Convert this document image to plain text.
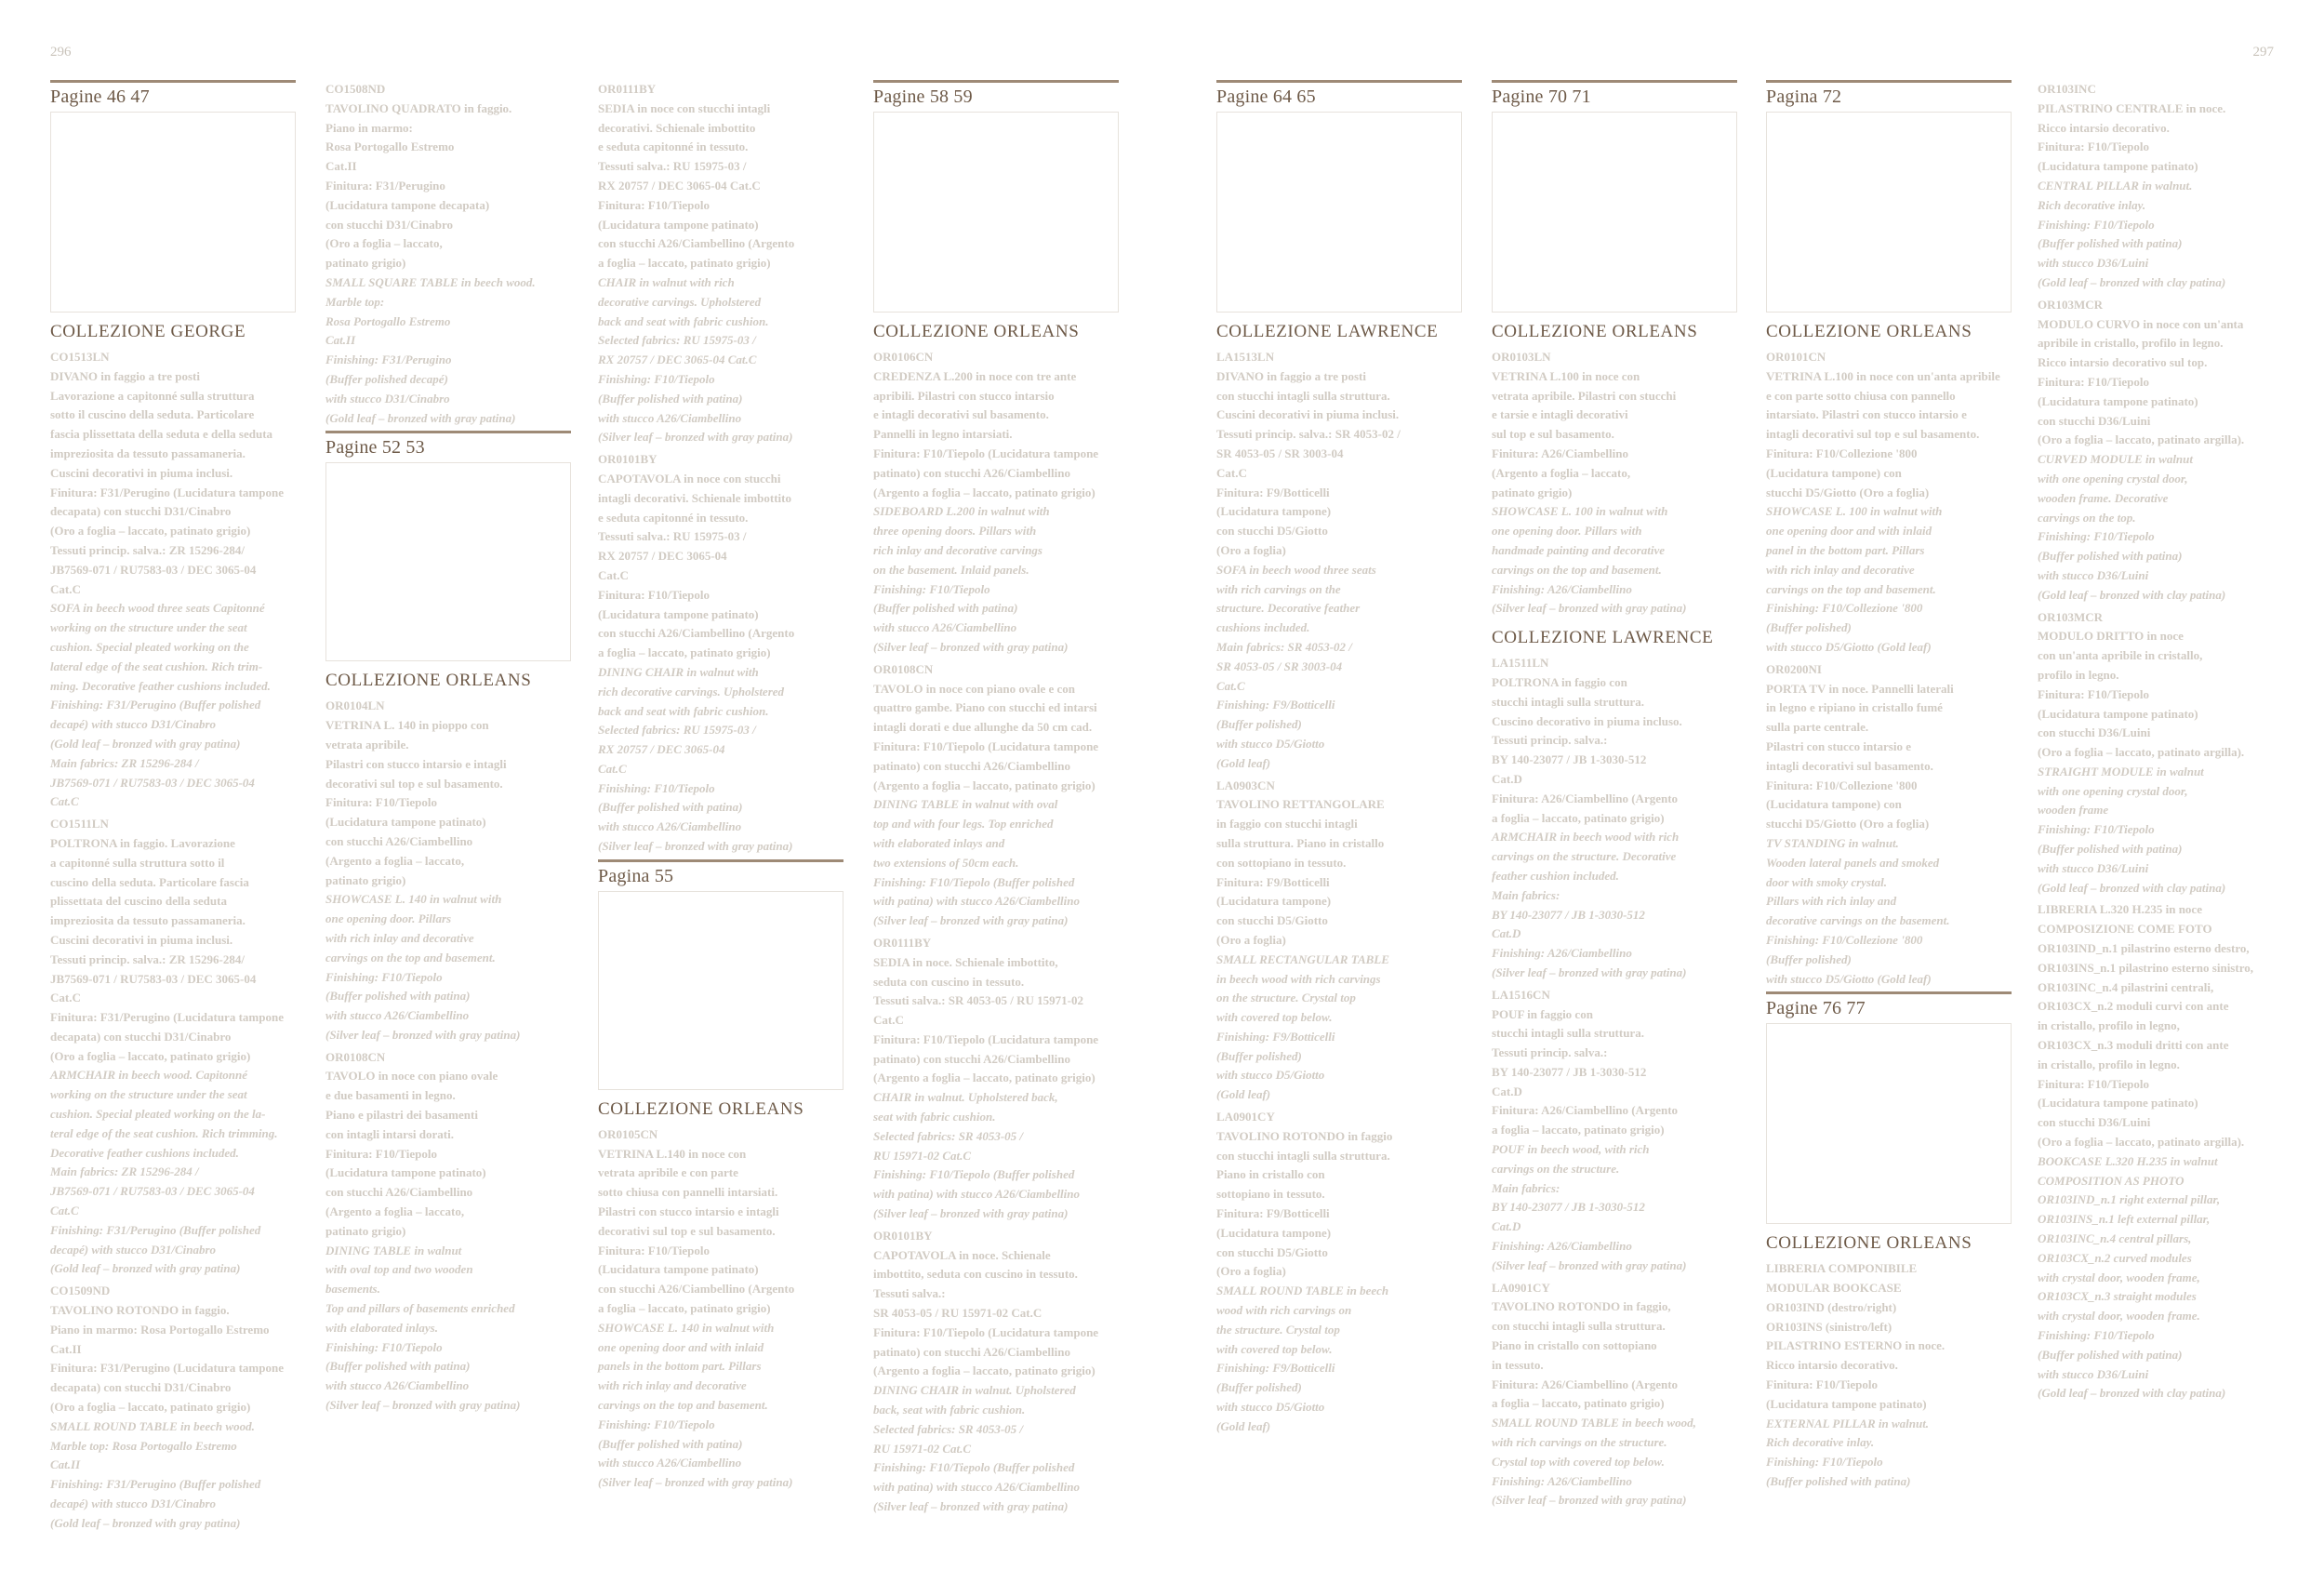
296	297
Pagine 46 47
COLLEZIONE GEORGE
CO1513LN
DIVANO in faggio a tre posti
Lavorazione a capitonné sulla struttura
sotto il cuscino della seduta. Particolare
fascia plissettata della seduta e della seduta
impreziosita da tessuto passamaneria.
Cuscini decorativi in piuma inclusi.
Finitura: F31/Perugino (Lucidatura tampone
decapata) con stucchi D31/Cinabro
(Oro a foglia – laccato, patinato grigio)
Tessuti princip. salva.: ZR 15296-284/
JB7569-071 / RU7583-03 / DEC 3065-04
Cat.C
SOFA in beech wood three seats Capitonné
working on the structure under the seat
cushion. Special pleated working on the
lateral edge of the seat cushion. Rich trim-
ming. Decorative feather cushions included.
Finishing: F31/Perugino (Buffer polished
decapé) with stucco D31/Cinabro
(Gold leaf – bronzed with gray patina)
Main fabrics: ZR 15296-284 /
JB7569-071 / RU7583-03 / DEC 3065-04
Cat.C
CO1511LN
POLTRONA in faggio. Lavorazione
a capitonné sulla struttura sotto il
cuscino della seduta. Particolare fascia
plissettata del cuscino della seduta
impreziosita da tessuto passamaneria.
Cuscini decorativi in piuma inclusi.
Tessuti princip. salva.: ZR 15296-284/
JB7569-071 / RU7583-03 / DEC 3065-04
Cat.C
Finitura: F31/Perugino (Lucidatura tampone
decapata) con stucchi D31/Cinabro
(Oro a foglia – laccato, patinato grigio)
ARMCHAIR in beech wood. Capitonné
working on the structure under the seat
cushion. Special pleated working on the la-
teral edge of the seat cushion. Rich trimming.
Decorative feather cushions included.
Main fabrics: ZR 15296-284 /
JB7569-071 / RU7583-03 / DEC 3065-04
Cat.C
Finishing: F31/Perugino (Buffer polished
decapé) with stucco D31/Cinabro
(Gold leaf – bronzed with gray patina)
CO1509ND
TAVOLINO ROTONDO in faggio.
Piano in marmo: Rosa Portogallo Estremo
Cat.II
Finitura: F31/Perugino (Lucidatura tampone
decapata) con stucchi D31/Cinabro
(Oro a foglia – laccato, patinato grigio)
SMALL ROUND TABLE in beech wood.
Marble top: Rosa Portogallo Estremo
Cat.II
Finishing: F31/Perugino (Buffer polished
decapé) with stucco D31/Cinabro
(Gold leaf – bronzed with gray patina)
CO1508ND
TAVOLINO QUADRATO in faggio.
Piano in marmo:
Rosa Portogallo Estremo
Cat.II
Finitura: F31/Perugino
(Lucidatura tampone decapata)
con stucchi D31/Cinabro
(Oro a foglia – laccato,
patinato grigio)
SMALL SQUARE TABLE in beech wood.
Marble top:
Rosa Portogallo Estremo
Cat.II
Finishing: F31/Perugino
(Buffer polished decapé)
with stucco D31/Cinabro
(Gold leaf – bronzed with gray patina)
Pagine 52 53
COLLEZIONE ORLEANS
OR0104LN
VETRINA L. 140 in pioppo con
vetrata apribile.
Pilastri con stucco intarsio e intagli
decorativi sul top e sul basamento.
Finitura: F10/Tiepolo
(Lucidatura tampone patinato)
con stucchi A26/Ciambellino
(Argento a foglia – laccato,
patinato grigio)
SHOWCASE L. 140 in walnut with
one opening door. Pillars
with rich inlay and decorative
carvings on the top and basement.
Finishing: F10/Tiepolo
(Buffer polished with patina)
with stucco A26/Ciambellino
(Silver leaf – bronzed with gray patina)
OR0108CN
TAVOLO in noce con piano ovale
e due basamenti in legno.
Piano e pilastri dei basamenti
con intagli intarsi dorati.
Finitura: F10/Tiepolo
(Lucidatura tampone patinato)
con stucchi A26/Ciambellino
(Argento a foglia – laccato,
patinato grigio)
DINING TABLE in walnut
with oval top and two wooden
basements.
Top and pillars of basements enriched
with elaborated inlays.
Finishing: F10/Tiepolo
(Buffer polished with patina)
with stucco A26/Ciambellino
(Silver leaf – bronzed with gray patina)
OR0111BY
SEDIA in noce con stucchi intagli
decorativi. Schienale imbottito
e seduta capitonné in tessuto.
Tessuti salva.: RU 15975-03 /
RX 20757 / DEC 3065-04 Cat.C
Finitura: F10/Tiepolo
(Lucidatura tampone patinato)
con stucchi A26/Ciambellino (Argento
a foglia – laccato, patinato grigio)
CHAIR in walnut with rich
decorative carvings. Upholstered
back and seat with fabric cushion.
Selected fabrics: RU 15975-03 /
RX 20757 / DEC 3065-04 Cat.C
Finishing: F10/Tiepolo
(Buffer polished with patina)
with stucco A26/Ciambellino
(Silver leaf – bronzed with gray patina)
OR0101BY
CAPOTAVOLA in noce con stucchi
intagli decorativi. Schienale imbottito
e seduta capitonné in tessuto.
Tessuti salva.: RU 15975-03 /
RX 20757 / DEC 3065-04
Cat.C
Finitura: F10/Tiepolo
(Lucidatura tampone patinato)
con stucchi A26/Ciambellino (Argento
a foglia – laccato, patinato grigio)
DINING CHAIR in walnut with
rich decorative carvings. Upholstered
back and seat with fabric cushion.
Selected fabrics: RU 15975-03 /
RX 20757 / DEC 3065-04
Cat.C
Finishing: F10/Tiepolo
(Buffer polished with patina)
with stucco A26/Ciambellino
(Silver leaf – bronzed with gray patina)
Pagina 55
COLLEZIONE ORLEANS
OR0105CN
VETRINA L.140 in noce con
vetrata apribile e con parte
sotto chiusa con pannelli intarsiati.
Pilastri con stucco intarsio e intagli
decorativi sul top e sul basamento.
Finitura: F10/Tiepolo
(Lucidatura tampone patinato)
con stucchi A26/Ciambellino (Argento
a foglia – laccato, patinato grigio)
SHOWCASE L. 140 in walnut with
one opening door and with inlaid
panels in the bottom part. Pillars
with rich inlay and decorative
carvings on the top and basement.
Finishing: F10/Tiepolo
(Buffer polished with patina)
with stucco A26/Ciambellino
(Silver leaf – bronzed with gray patina)
Pagine 58 59
COLLEZIONE ORLEANS
OR0106CN
CREDENZA L.200 in noce con tre ante
apribili. Pilastri con stucco intarsio
e intagli decorativi sul basamento.
Pannelli in legno intarsiati.
Finitura: F10/Tiepolo (Lucidatura tampone
patinato) con stucchi A26/Ciambellino
(Argento a foglia – laccato, patinato grigio)
SIDEBOARD L.200 in walnut with
three opening doors. Pillars with
rich inlay and decorative carvings
on the basement. Inlaid panels.
Finishing: F10/Tiepolo
(Buffer polished with patina)
with stucco A26/Ciambellino
(Silver leaf – bronzed with gray patina)
OR0108CN
TAVOLO in noce con piano ovale e con
quattro gambe. Piano con stucchi ed intarsi
intagli dorati e due allunghe da 50 cm cad.
Finitura: F10/Tiepolo (Lucidatura tampone
patinato) con stucchi A26/Ciambellino
(Argento a foglia – laccato, patinato grigio)
DINING TABLE in walnut with oval
top and with four legs. Top enriched
with elaborated inlays and
two extensions of 50cm each.
Finishing: F10/Tiepolo (Buffer polished
with patina) with stucco A26/Ciambellino
(Silver leaf – bronzed with gray patina)
OR0111BY
SEDIA in noce. Schienale imbottito,
seduta con cuscino in tessuto.
Tessuti salva.: SR 4053-05 / RU 15971-02
Cat.C
Finitura: F10/Tiepolo (Lucidatura tampone
patinato) con stucchi A26/Ciambellino
(Argento a foglia – laccato, patinato grigio)
CHAIR in walnut. Upholstered back,
seat with fabric cushion.
Selected fabrics: SR 4053-05 /
RU 15971-02 Cat.C
Finishing: F10/Tiepolo (Buffer polished
with patina) with stucco A26/Ciambellino
(Silver leaf – bronzed with gray patina)
OR0101BY
CAPOTAVOLA in noce. Schienale
imbottito, seduta con cuscino in tessuto.
Tessuti salva.:
SR 4053-05 / RU 15971-02 Cat.C
Finitura: F10/Tiepolo (Lucidatura tampone
patinato) con stucchi A26/Ciambellino
(Argento a foglia – laccato, patinato grigio)
DINING CHAIR in walnut. Upholstered
back, seat with fabric cushion.
Selected fabrics: SR 4053-05 /
RU 15971-02 Cat.C
Finishing: F10/Tiepolo (Buffer polished
with patina) with stucco A26/Ciambellino
(Silver leaf – bronzed with gray patina)
Pagine 64 65
COLLEZIONE LAWRENCE
LA1513LN
DIVANO in faggio a tre posti
con stucchi intagli sulla struttura.
Cuscini decorativi in piuma inclusi.
Tessuti princip. salva.: SR 4053-02 /
SR 4053-05 / SR 3003-04
Cat.C
Finitura: F9/Botticelli
(Lucidatura tampone)
con stucchi D5/Giotto
(Oro a foglia)
SOFA in beech wood three seats
with rich carvings on the
structure. Decorative feather
cushions included.
Main fabrics: SR 4053-02 /
SR 4053-05 / SR 3003-04
Cat.C
Finishing: F9/Botticelli
(Buffer polished)
with stucco D5/Giotto
(Gold leaf)
LA0903CN
TAVOLINO RETTANGOLARE
in faggio con stucchi intagli
sulla struttura. Piano in cristallo
con sottopiano in tessuto.
Finitura: F9/Botticelli
(Lucidatura tampone)
con stucchi D5/Giotto
(Oro a foglia)
SMALL RECTANGULAR TABLE
in beech wood with rich carvings
on the structure. Crystal top
with covered top below.
Finishing: F9/Botticelli
(Buffer polished)
with stucco D5/Giotto
(Gold leaf)
LA0901CY
TAVOLINO ROTONDO in faggio
con stucchi intagli sulla struttura.
Piano in cristallo con
sottopiano in tessuto.
Finitura: F9/Botticelli
(Lucidatura tampone)
con stucchi D5/Giotto
(Oro a foglia)
SMALL ROUND TABLE in beech
wood with rich carvings on
the structure. Crystal top
with covered top below.
Finishing: F9/Botticelli
(Buffer polished)
with stucco D5/Giotto
(Gold leaf)
Pagine 70 71
COLLEZIONE ORLEANS
OR0103LN
VETRINA L.100 in noce con
vetrata apribile. Pilastri con stucchi
e tarsie e intagli decorativi
sul top e sul basamento.
Finitura: A26/Ciambellino
(Argento a foglia – laccato,
patinato grigio)
SHOWCASE L. 100 in walnut with
one opening door. Pillars with
handmade painting and decorative
carvings on the top and basement.
Finishing: A26/Ciambellino
(Silver leaf – bronzed with gray patina)
COLLEZIONE LAWRENCE
LA1511LN
POLTRONA in faggio con
stucchi intagli sulla struttura.
Cuscino decorativo in piuma incluso.
Tessuti princip. salva.:
BY 140-23077 / JB 1-3030-512
Cat.D
Finitura: A26/Ciambellino (Argento
a foglia – laccato, patinato grigio)
ARMCHAIR in beech wood with rich
carvings on the structure. Decorative
feather cushion included.
Main fabrics:
BY 140-23077 / JB 1-3030-512
Cat.D
Finishing: A26/Ciambellino
(Silver leaf – bronzed with gray patina)
LA1516CN
POUF in faggio con
stucchi intagli sulla struttura.
Tessuti princip. salva.:
BY 140-23077 / JB 1-3030-512
Cat.D
Finitura: A26/Ciambellino (Argento
a foglia – laccato, patinato grigio)
POUF in beech wood, with rich
carvings on the structure.
Main fabrics:
BY 140-23077 / JB 1-3030-512
Cat.D
Finishing: A26/Ciambellino
(Silver leaf – bronzed with gray patina)
LA0901CY
TAVOLINO ROTONDO in faggio,
con stucchi intagli sulla struttura.
Piano in cristallo con sottopiano
in tessuto.
Finitura: A26/Ciambellino (Argento
a foglia – laccato, patinato grigio)
SMALL ROUND TABLE in beech wood,
with rich carvings on the structure.
Crystal top with covered top below.
Finishing: A26/Ciambellino
(Silver leaf – bronzed with gray patina)
Pagina 72
COLLEZIONE ORLEANS
OR0101CN
VETRINA L.100 in noce con un'anta apribile
e con parte sotto chiusa con pannello
intarsiato. Pilastri con stucco intarsio e
intagli decorativi sul top e sul basamento.
Finitura: F10/Collezione '800
(Lucidatura tampone) con
stucchi D5/Giotto (Oro a foglia)
SHOWCASE L. 100 in walnut with
one opening door and with inlaid
panel in the bottom part. Pillars
with rich inlay and decorative
carvings on the top and basement.
Finishing: F10/Collezione '800
(Buffer polished)
with stucco D5/Giotto (Gold leaf)
OR0200NI
PORTA TV in noce. Pannelli laterali
in legno e ripiano in cristallo fumé
sulla parte centrale.
Pilastri con stucco intarsio e
intagli decorativi sul basamento.
Finitura: F10/Collezione '800
(Lucidatura tampone) con
stucchi D5/Giotto (Oro a foglia)
TV STANDING in walnut.
Wooden lateral panels and smoked
door with smoky crystal.
Pillars with rich inlay and
decorative carvings on the basement.
Finishing: F10/Collezione '800
(Buffer polished)
with stucco D5/Giotto (Gold leaf)
Pagine 76 77
COLLEZIONE ORLEANS
LIBRERIA COMPONIBILE
MODULAR BOOKCASE
OR103IND (destro/right)
OR103INS (sinistro/left)
PILASTRINO ESTERNO in noce.
Ricco intarsio decorativo.
Finitura: F10/Tiepolo
(Lucidatura tampone patinato)
EXTERNAL PILLAR in walnut.
Rich decorative inlay.
Finishing: F10/Tiepolo
(Buffer polished with patina)
OR103INC
PILASTRINO CENTRALE in noce.
Ricco intarsio decorativo.
Finitura: F10/Tiepolo
(Lucidatura tampone patinato)
CENTRAL PILLAR in walnut.
Rich decorative inlay.
Finishing: F10/Tiepolo
(Buffer polished with patina)
with stucco D36/Luini
(Gold leaf – bronzed with clay patina)
OR103MCR
MODULO CURVO in noce con un'anta
apribile in cristallo, profilo in legno.
Ricco intarsio decorativo sul top.
Finitura: F10/Tiepolo
(Lucidatura tampone patinato)
con stucchi D36/Luini
(Oro a foglia – laccato, patinato argilla).
CURVED MODULE in walnut
with one opening crystal door,
wooden frame. Decorative
carvings on the top.
Finishing: F10/Tiepolo
(Buffer polished with patina)
with stucco D36/Luini
(Gold leaf – bronzed with clay patina)
OR103MCR
MODULO DRITTO in noce
con un'anta apribile in cristallo,
profilo in legno.
Finitura: F10/Tiepolo
(Lucidatura tampone patinato)
con stucchi D36/Luini
(Oro a foglia – laccato, patinato argilla).
STRAIGHT MODULE in walnut
with one opening crystal door,
wooden frame
Finishing: F10/Tiepolo
(Buffer polished with patina)
with stucco D36/Luini
(Gold leaf – bronzed with clay patina)
LIBRERIA L.320 H.235 in noce
COMPOSIZIONE COME FOTO
OR103IND_n.1 pilastrino esterno destro,
OR103INS_n.1 pilastrino esterno sinistro,
OR103INC_n.4 pilastrini centrali,
OR103CX_n.2 moduli curvi con ante
in cristallo, profilo in legno,
OR103CX_n.3 moduli dritti con ante
in cristallo, profilo in legno.
Finitura: F10/Tiepolo
(Lucidatura tampone patinato)
con stucchi D36/Luini
(Oro a foglia – laccato, patinato argilla).
BOOKCASE L.320 H.235 in walnut
COMPOSITION AS PHOTO
OR103IND_n.1 right external pillar,
OR103INS_n.1 left external pillar,
OR103INC_n.4 central pillars,
OR103CX_n.2 curved modules
with crystal door, wooden frame,
OR103CX_n.3 straight modules
with crystal door, wooden frame.
Finishing: F10/Tiepolo
(Buffer polished with patina)
with stucco D36/Luini
(Gold leaf – bronzed with clay patina)
